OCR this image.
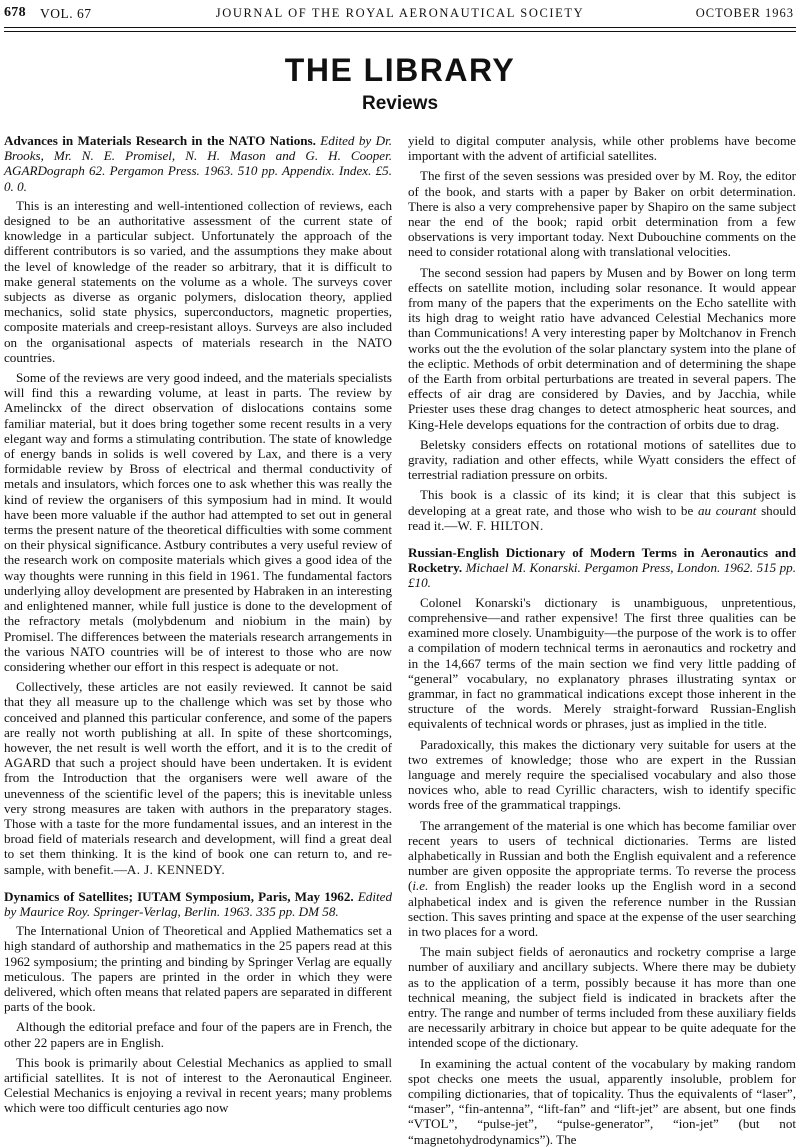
678 VOL. 67	JOURNAL OF THE ROYAL AERONAUTICAL SOCIETY	OCTOBER 1963
THE LIBRARY
Reviews
Advances in Materials Research in the NATO Nations. Edited by Dr. Brooks, Mr. N. E. Promisel, N. H. Mason and G. H. Cooper. AGARDograph 62. Pergamon Press. 1963. 510 pp. Appendix. Index. £5. 0. 0.

This is an interesting and well-intentioned collection of reviews, each designed to be an authoritative assessment of the current state of knowledge in a particular subject. Unfortunately the approach of the different contributors is so varied, and the assumptions they make about the level of knowledge of the reader so arbitrary, that it is difficult to make general statements on the volume as a whole. The surveys cover subjects as diverse as organic polymers, dislocation theory, applied mechanics, solid state physics, superconductors, magnetic properties, composite materials and creep-resistant alloys. Surveys are also included on the organisational aspects of materials research in the NATO countries.

Some of the reviews are very good indeed, and the materials specialists will find this a rewarding volume, at least in parts. The review by Amelinckx of the direct observation of dislocations contains some familiar material, but it does bring together some recent results in a very elegant way and forms a stimulating contribution. The state of knowledge of energy bands in solids is well covered by Lax, and there is a very formidable review by Bross of electrical and thermal conductivity of metals and insulators, which forces one to ask whether this was really the kind of review the organisers of this symposium had in mind. It would have been more valuable if the author had attempted to set out in general terms the present nature of the theoretical difficulties with some comment on their physical significance. Astbury contributes a very useful review of the research work on composite materials which gives a good idea of the way thoughts were running in this field in 1961. The fundamental factors underlying alloy development are presented by Habraken in an interesting and enlightened manner, while full justice is done to the development of the refractory metals (molybdenum and niobium in the main) by Promisel. The differences between the materials research arrangements in the various NATO countries will be of interest to those who are now considering whether our effort in this respect is adequate or not.

Collectively, these articles are not easily reviewed. It cannot be said that they all measure up to the challenge which was set by those who conceived and planned this particular conference, and some of the papers are really not worth publishing at all. In spite of these shortcomings, however, the net result is well worth the effort, and it is to the credit of AGARD that such a project should have been undertaken. It is evident from the Introduction that the organisers were well aware of the unevenness of the scientific level of the papers; this is inevitable unless very strong measures are taken with authors in the preparatory stages. Those with a taste for the more fundamental issues, and an interest in the broad field of materials research and development, will find a great deal to set them thinking. It is the kind of book one can return to, and re-sample, with benefit.—A. J. KENNEDY.

Dynamics of Satellites; IUTAM Symposium, Paris, May 1962. Edited by Maurice Roy. Springer-Verlag, Berlin. 1963. 335 pp. DM 58.

The International Union of Theoretical and Applied Mathematics set a high standard of authorship and mathematics in the 25 papers read at this 1962 symposium; the printing and binding by Springer Verlag are equally meticulous. The papers are printed in the order in which they were delivered, which often means that related papers are separated in different parts of the book.

Although the editorial preface and four of the papers are in French, the other 22 papers are in English.

This book is primarily about Celestial Mechanics as applied to small artificial satellites. It is not of interest to the Aeronautical Engineer. Celestial Mechanics is enjoying a revival in recent years; many problems which were too difficult centuries ago now

yield to digital computer analysis, while other problems have become important with the advent of artificial satellites.

The first of the seven sessions was presided over by M. Roy, the editor of the book, and starts with a paper by Baker on orbit determination. There is also a very comprehensive paper by Shapiro on the same subject near the end of the book; rapid orbit determination from a few observations is very important today. Next Dubouchine comments on the need to consider rotational along with translational velocities.

The second session had papers by Musen and by Bower on long term effects on satellite motion, including solar resonance. It would appear from many of the papers that the experiments on the Echo satellite with its high drag to weight ratio have advanced Celestial Mechanics more than Communications! A very interesting paper by Moltchanov in French works out the the evolution of the solar planctary system into the plane of the ecliptic. Methods of orbit determination and of determining the shape of the Earth from orbital perturbations are treated in several papers. The effects of air drag are considered by Davies, and by Jacchia, while Priester uses these drag changes to detect atmospheric heat sources, and King-Hele develops equations for the contraction of orbits due to drag.

Beletsky considers effects on rotational motions of satellites due to gravity, radiation and other effects, while Wyatt considers the effect of terrestrial radiation pressure on orbits.

This book is a classic of its kind; it is clear that this subject is developing at a great rate, and those who wish to be au courant should read it.—W. F. HILTON.

Russian-English Dictionary of Modern Terms in Aeronautics and Rocketry. Michael M. Konarski. Pergamon Press, London. 1962. 515 pp. £10.

Colonel Konarski's dictionary is unambiguous, unpretentious, comprehensive—and rather expensive! The first three qualities can be examined more closely. Unambiguity—the purpose of the work is to offer a compilation of modern technical terms in aeronautics and rocketry and in the 14,667 terms of the main section we find very little padding of “general” vocabulary, no explanatory phrases illustrating syntax or grammar, in fact no grammatical indications except those inherent in the structure of the words. Merely straight-forward Russian-English equivalents of technical words or phrases, just as implied in the title.

Paradoxically, this makes the dictionary very suitable for users at the two extremes of knowledge; those who are expert in the Russian language and merely require the specialised vocabulary and also those novices who, able to read Cyrillic characters, wish to identify specific words free of the grammatical trappings.

The arrangement of the material is one which has become familiar over recent years to users of technical dictionaries. Terms are listed alphabetically in Russian and both the English equivalent and a reference number are given opposite the appropriate terms. To reverse the process (i.e. from English) the reader looks up the English word in a second alphabetical index and is given the reference number in the Russian section. This saves printing and space at the expense of the user searching in two places for a word.

The main subject fields of aeronautics and rocketry comprise a large number of auxiliary and ancillary subjects. Where there may be dubiety as to the application of a term, possibly because it has more than one technical meaning, the subject field is indicated in brackets after the entry. The range and number of terms included from these auxiliary fields are necessarily arbitrary in choice but appear to be quite adequate for the intended scope of the dictionary.

In examining the actual content of the vocabulary by making random spot checks one meets the usual, apparently insoluble, problem for compiling dictionaries, that of topicality. Thus the equivalents of “laser”, “maser”, “fin-antenna”, “lift-fan” and “lift-jet” are absent, but one finds “VTOL”, “pulse-jet”, “pulse-generator”, “ion-jet” (but not “magnetohydrodynamics”). The
